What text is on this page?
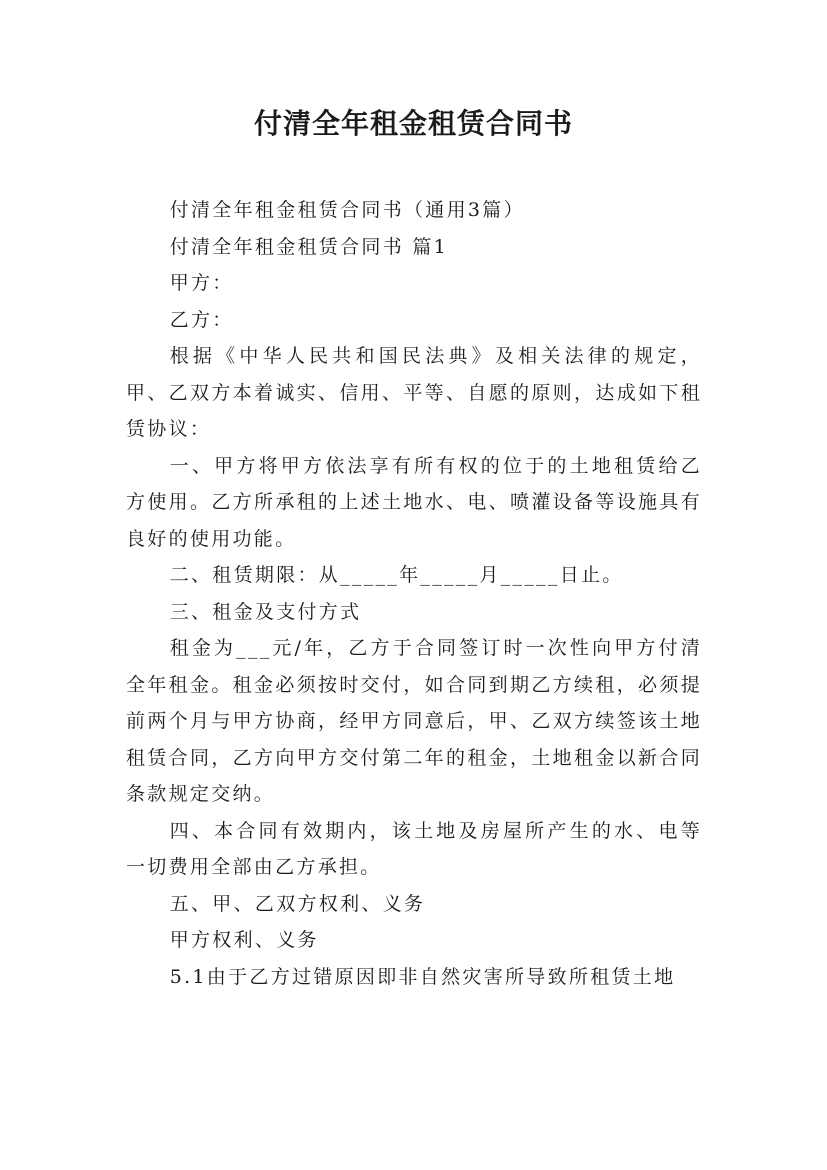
付清全年租金租赁合同书

付清全年租金租赁合同书（通用3篇）

付清全年租金租赁合同书 篇1

甲方：

乙方：

根据《中华人民共和国民法典》及相关法律的规定，甲、乙双方本着诚实、信用、平等、自愿的原则，达成如下租赁协议：

一、甲方将甲方依法享有所有权的位于的土地租赁给乙方使用。乙方所承租的上述土地水、电、喷灌设备等设施具有良好的使用功能。

二、租赁期限：从_____年_____月_____日止。

三、租金及支付方式

租金为___元/年，乙方于合同签订时一次性向甲方付清全年租金。租金必须按时交付，如合同到期乙方续租，必须提前两个月与甲方协商，经甲方同意后，甲、乙双方续签该土地租赁合同，乙方向甲方交付第二年的租金，土地租金以新合同条款规定交纳。

四、本合同有效期内，该土地及房屋所产生的水、电等一切费用全部由乙方承担。

五、甲、乙双方权利、义务

甲方权利、义务

5.1由于乙方过错原因即非自然灾害所导致所租赁土地
